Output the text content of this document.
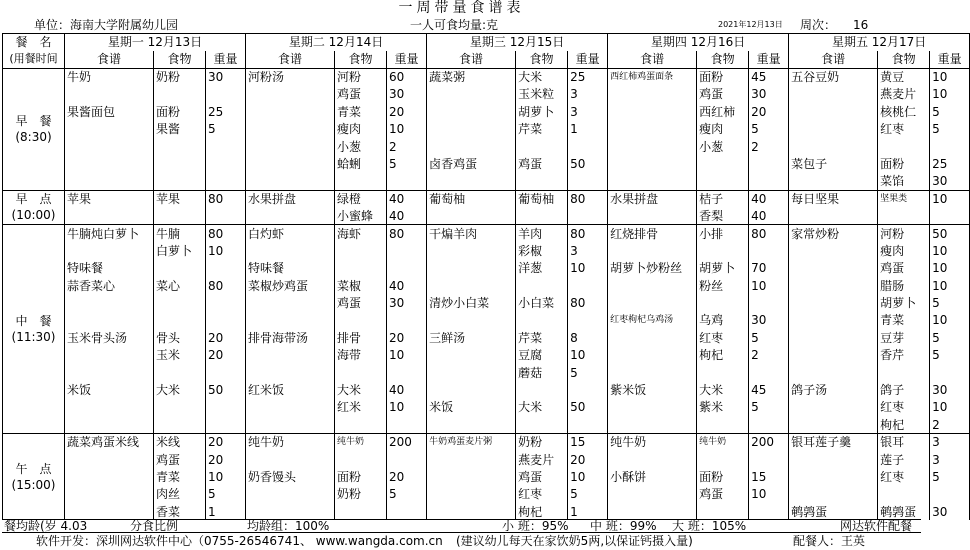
一周带量食谱表
单位：海南大学附属幼儿园	一人可食均量:克	2021年12月13日 周次： 16
餐　名	星期一 12月13日			星期二 12月14日			星期三 12月15日			星期四 12月16日			星期五 12月17日		
(用餐时间	食谱	食物	重量	食谱	食物	重量	食谱	食物	重量	食谱	食物	重量	食谱	食物	重量

早　餐
(8:30)	牛奶	奶粉	30	河粉汤	河粉	60	蔬菜粥	大米	25	西红柿鸡蛋面条	面粉	45	五谷豆奶	黄豆	10
					鸡蛋	30		玉米粒	3		鸡蛋	30		燕麦片	10
	果酱面包	面粉	25		青菜	20		胡萝卜	3		西红柿	20		核桃仁	5
		果酱	5		瘦肉	10		芹菜	1		瘦肉	5		红枣	5
					小葱	2					小葱	2			
					蛤蜊	5	卤香鸡蛋	鸡蛋	50				菜包子	面粉	25
														菜馅	30

早　点
(10:00)	苹果	苹果	80	水果拼盘	绿橙	40	葡萄柚	葡萄柚	80	水果拼盘	桔子	40	每日坚果	坚果类	10
					小蜜蜂	40					香梨	40			

中　餐
(11:30)	牛腩炖白萝卜	牛腩	80	白灼虾	海虾	80	干煸羊肉	羊肉	80	红烧排骨	小排	80	家常炒粉	河粉	50
		白萝卜	10					彩椒	3					瘦肉	10
	特味餐			特味餐				洋葱	10	胡萝卜炒粉丝	胡萝卜	70		鸡蛋	10
	蒜香菜心	菜心	80	菜椒炒鸡蛋	菜椒	40					粉丝	10		腊肠	10
					鸡蛋	30	清炒小白菜	小白菜	80					胡萝卜	5
										红枣枸杞乌鸡汤	乌鸡	30		青菜	10
	玉米骨头汤	骨头	20	排骨海带汤	排骨	20	三鲜汤	芹菜	8		红枣	5		豆芽	5
		玉米	20		海带	10		豆腐	10		枸杞	2		香芹	5
								蘑菇	5						
	米饭	大米	50	红米饭	大米	40				紫米饭	大米	45	鸽子汤	鸽子	30
					红米	10	米饭	大米	50		紫米	5		红枣	10
														枸杞	2

午　点
(15:00)	蔬菜鸡蛋米线	米线	20	纯牛奶	纯牛奶	200	牛奶鸡蛋麦片粥	奶粉	15	纯牛奶	纯牛奶	200	银耳莲子羹	银耳	3
		鸡蛋	20					燕麦片	20					莲子	3
		青菜	10	奶香馒头	面粉	20		鸡蛋	10	小酥饼	面粉	15		红枣	5
		肉丝	5		奶粉	5		红枣	5		鸡蛋	10			
		香菜	1					枸杞	1				鹌鹑蛋	鹌鹑蛋	30
餐均龄(岁 4.03	分食比例	均龄组：100%	小 班：95% 中 班：99% 大 班：105%	网达软件配餐
软件开发：深圳网达软件中心（0755-26546741、 www.wangda.com.cn (建议幼儿每天在家饮奶5两,以保证钙摄入量)	配餐人：王英
